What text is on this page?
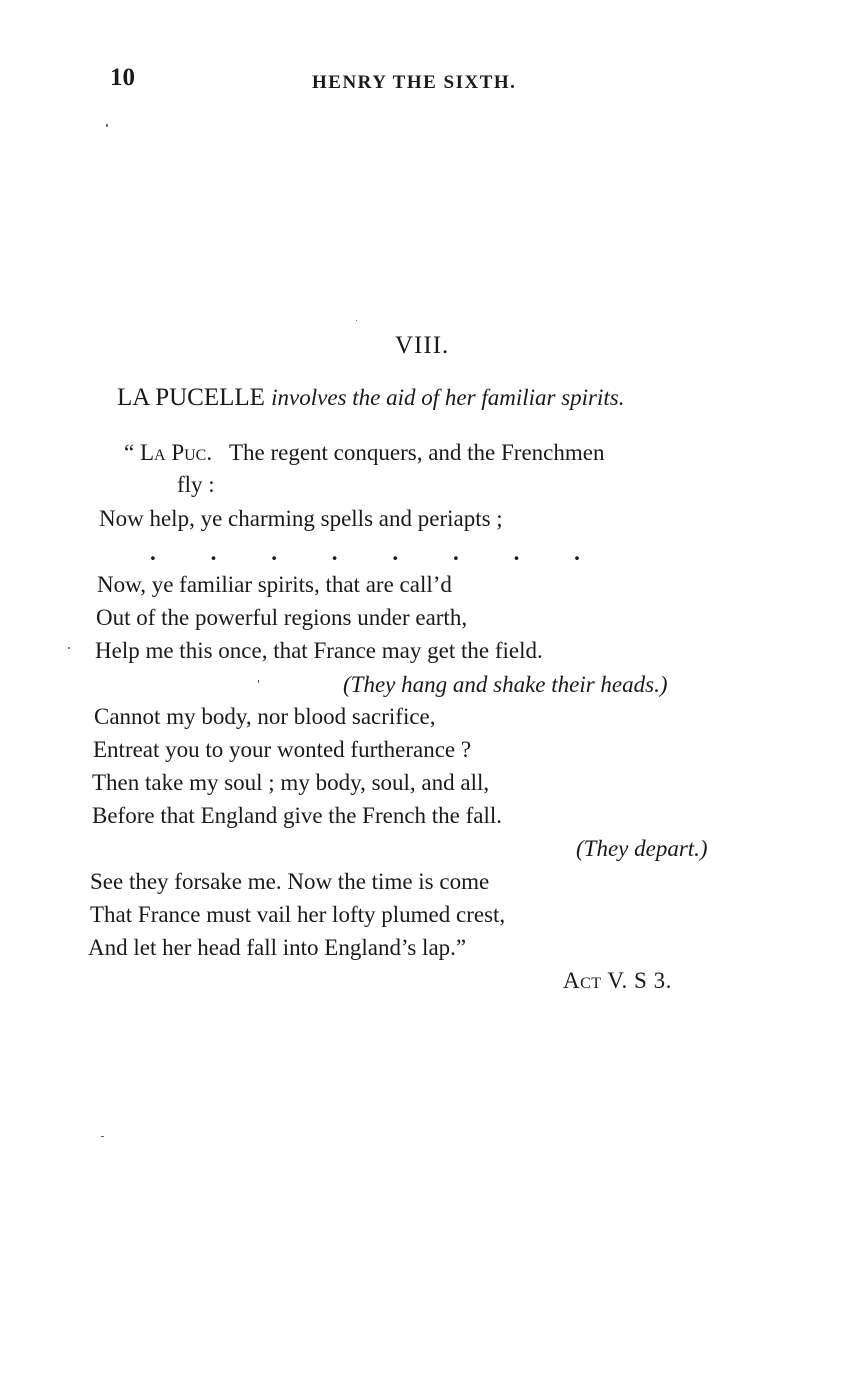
10	HENRY THE SIXTH.
VIII.
LA PUCELLE involves the aid of her familiar spirits.
“ La Puc. The regent conquers, and the Frenchmen
fly :
Now help, ye charming spells and periapts ;
. . . . . . . .
Now, ye familiar spirits, that are call’d
Out of the powerful regions under earth,
Help me this once, that France may get the field.
(They hang and shake their heads.)
Cannot my body, nor blood sacrifice,
Entreat you to your wonted furtherance ?
Then take my soul ; my body, soul, and all,
Before that England give the French the fall.
(They depart.)
See they forsake me. Now the time is come
That France must vail her lofty plumed crest,
And let her head fall into England’s lap.”
Act V. S 3.
